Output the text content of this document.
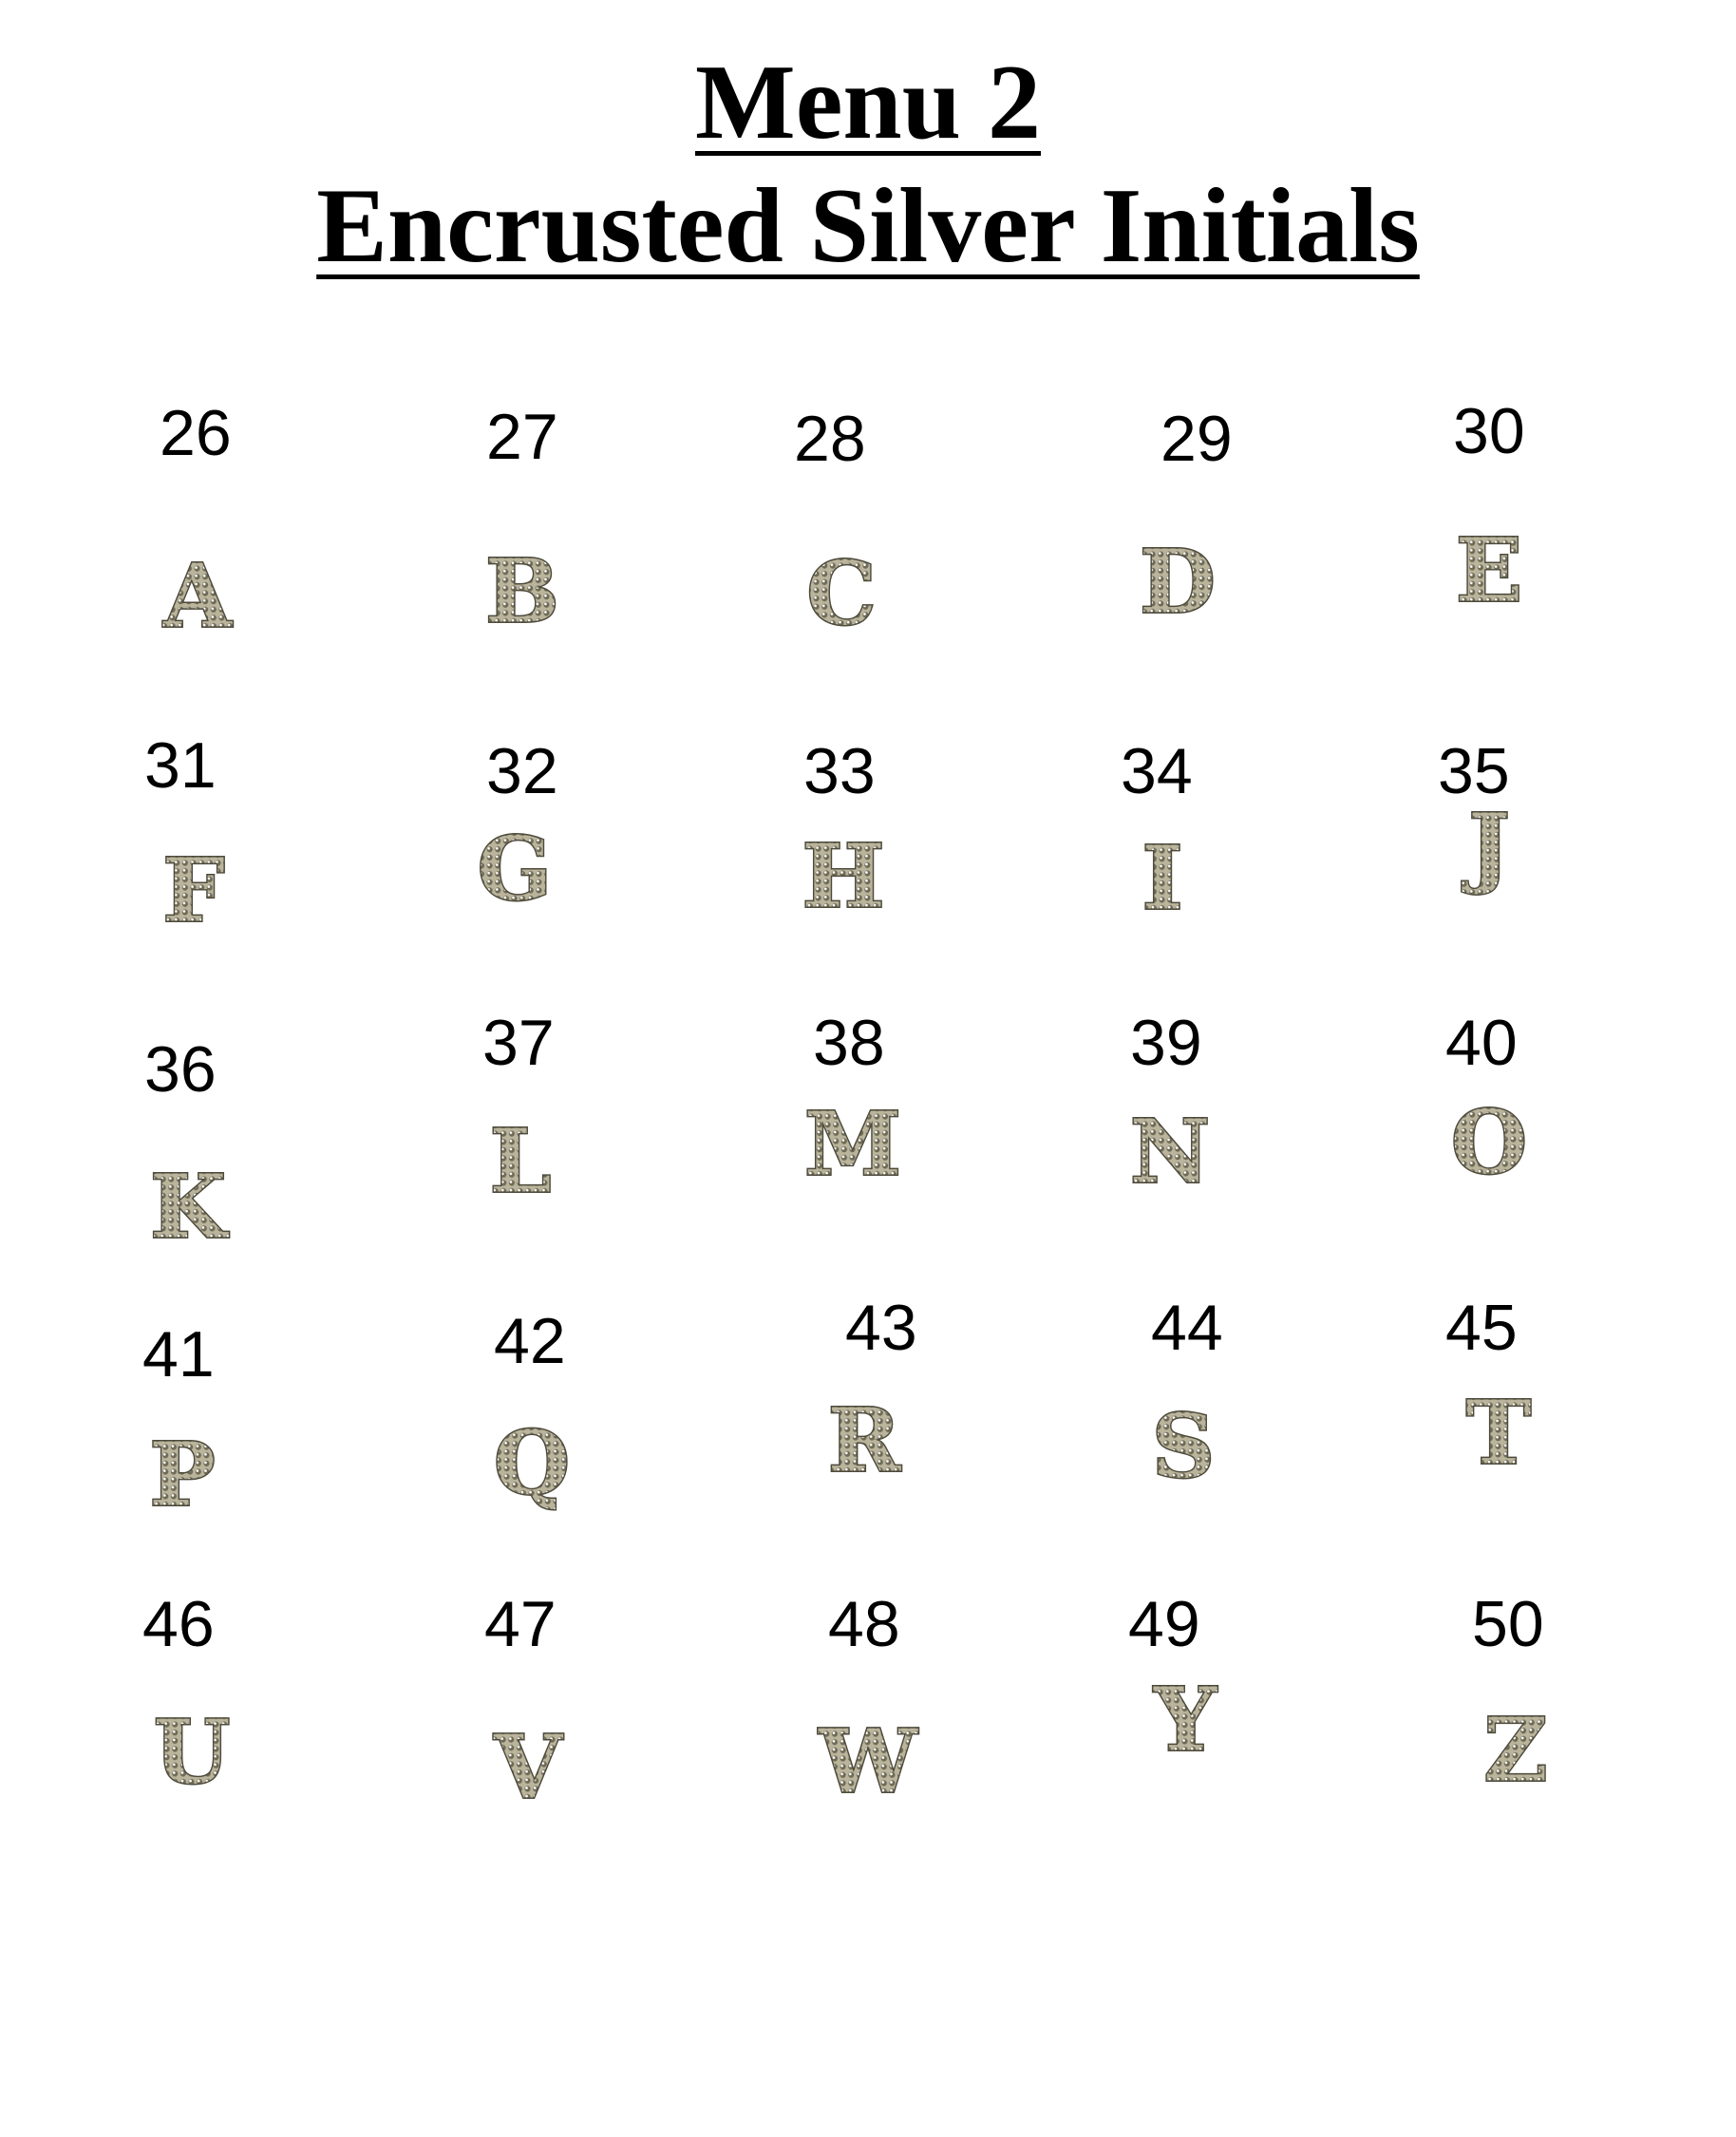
Menu 2
Encrusted Silver Initials
26
A
27
B
28
C
29
D
30
E
31
F
32
G
33
H
34
I
35
J
36
K
37
L
38
M
39
N
40
O
41
P
42
Q
43
R
44
S
45
T
46
U
47
V
48
W
49
Y
50
Z
